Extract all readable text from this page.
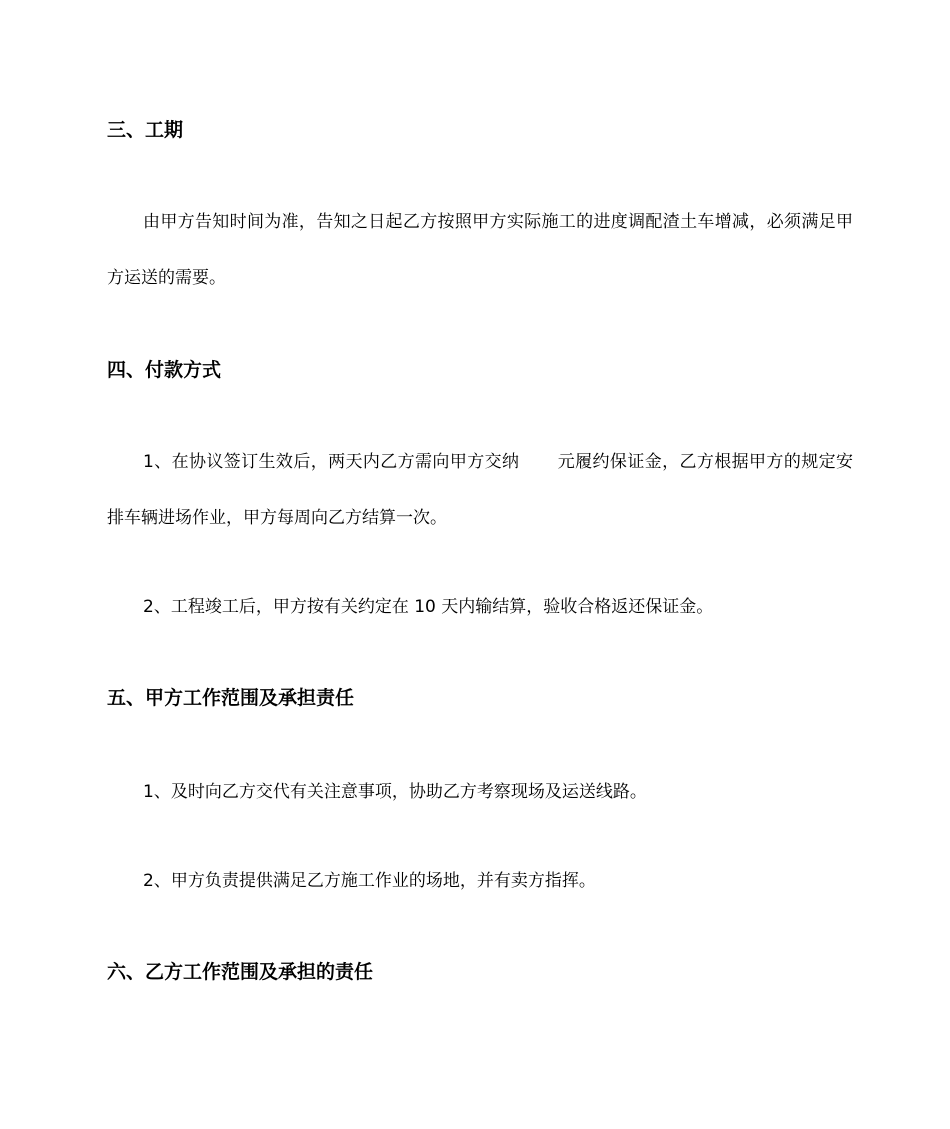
三、工期

由甲方告知时间为准，告知之日起乙方按照甲方实际施工的进度调配渣土车增减，必须满足甲方运送的需要。

四、付款方式

1、在协议签订生效后，两天内乙方需向甲方交纳 元履约保证金，乙方根据甲方的规定安排车辆进场作业，甲方每周向乙方结算一次。

2、工程竣工后，甲方按有关约定在 10 天内输结算，验收合格返还保证金。

五、甲方工作范围及承担责任

1、及时向乙方交代有关注意事项，协助乙方考察现场及运送线路。

2、甲方负责提供满足乙方施工作业的场地，并有卖方指挥。

六、乙方工作范围及承担的责任
